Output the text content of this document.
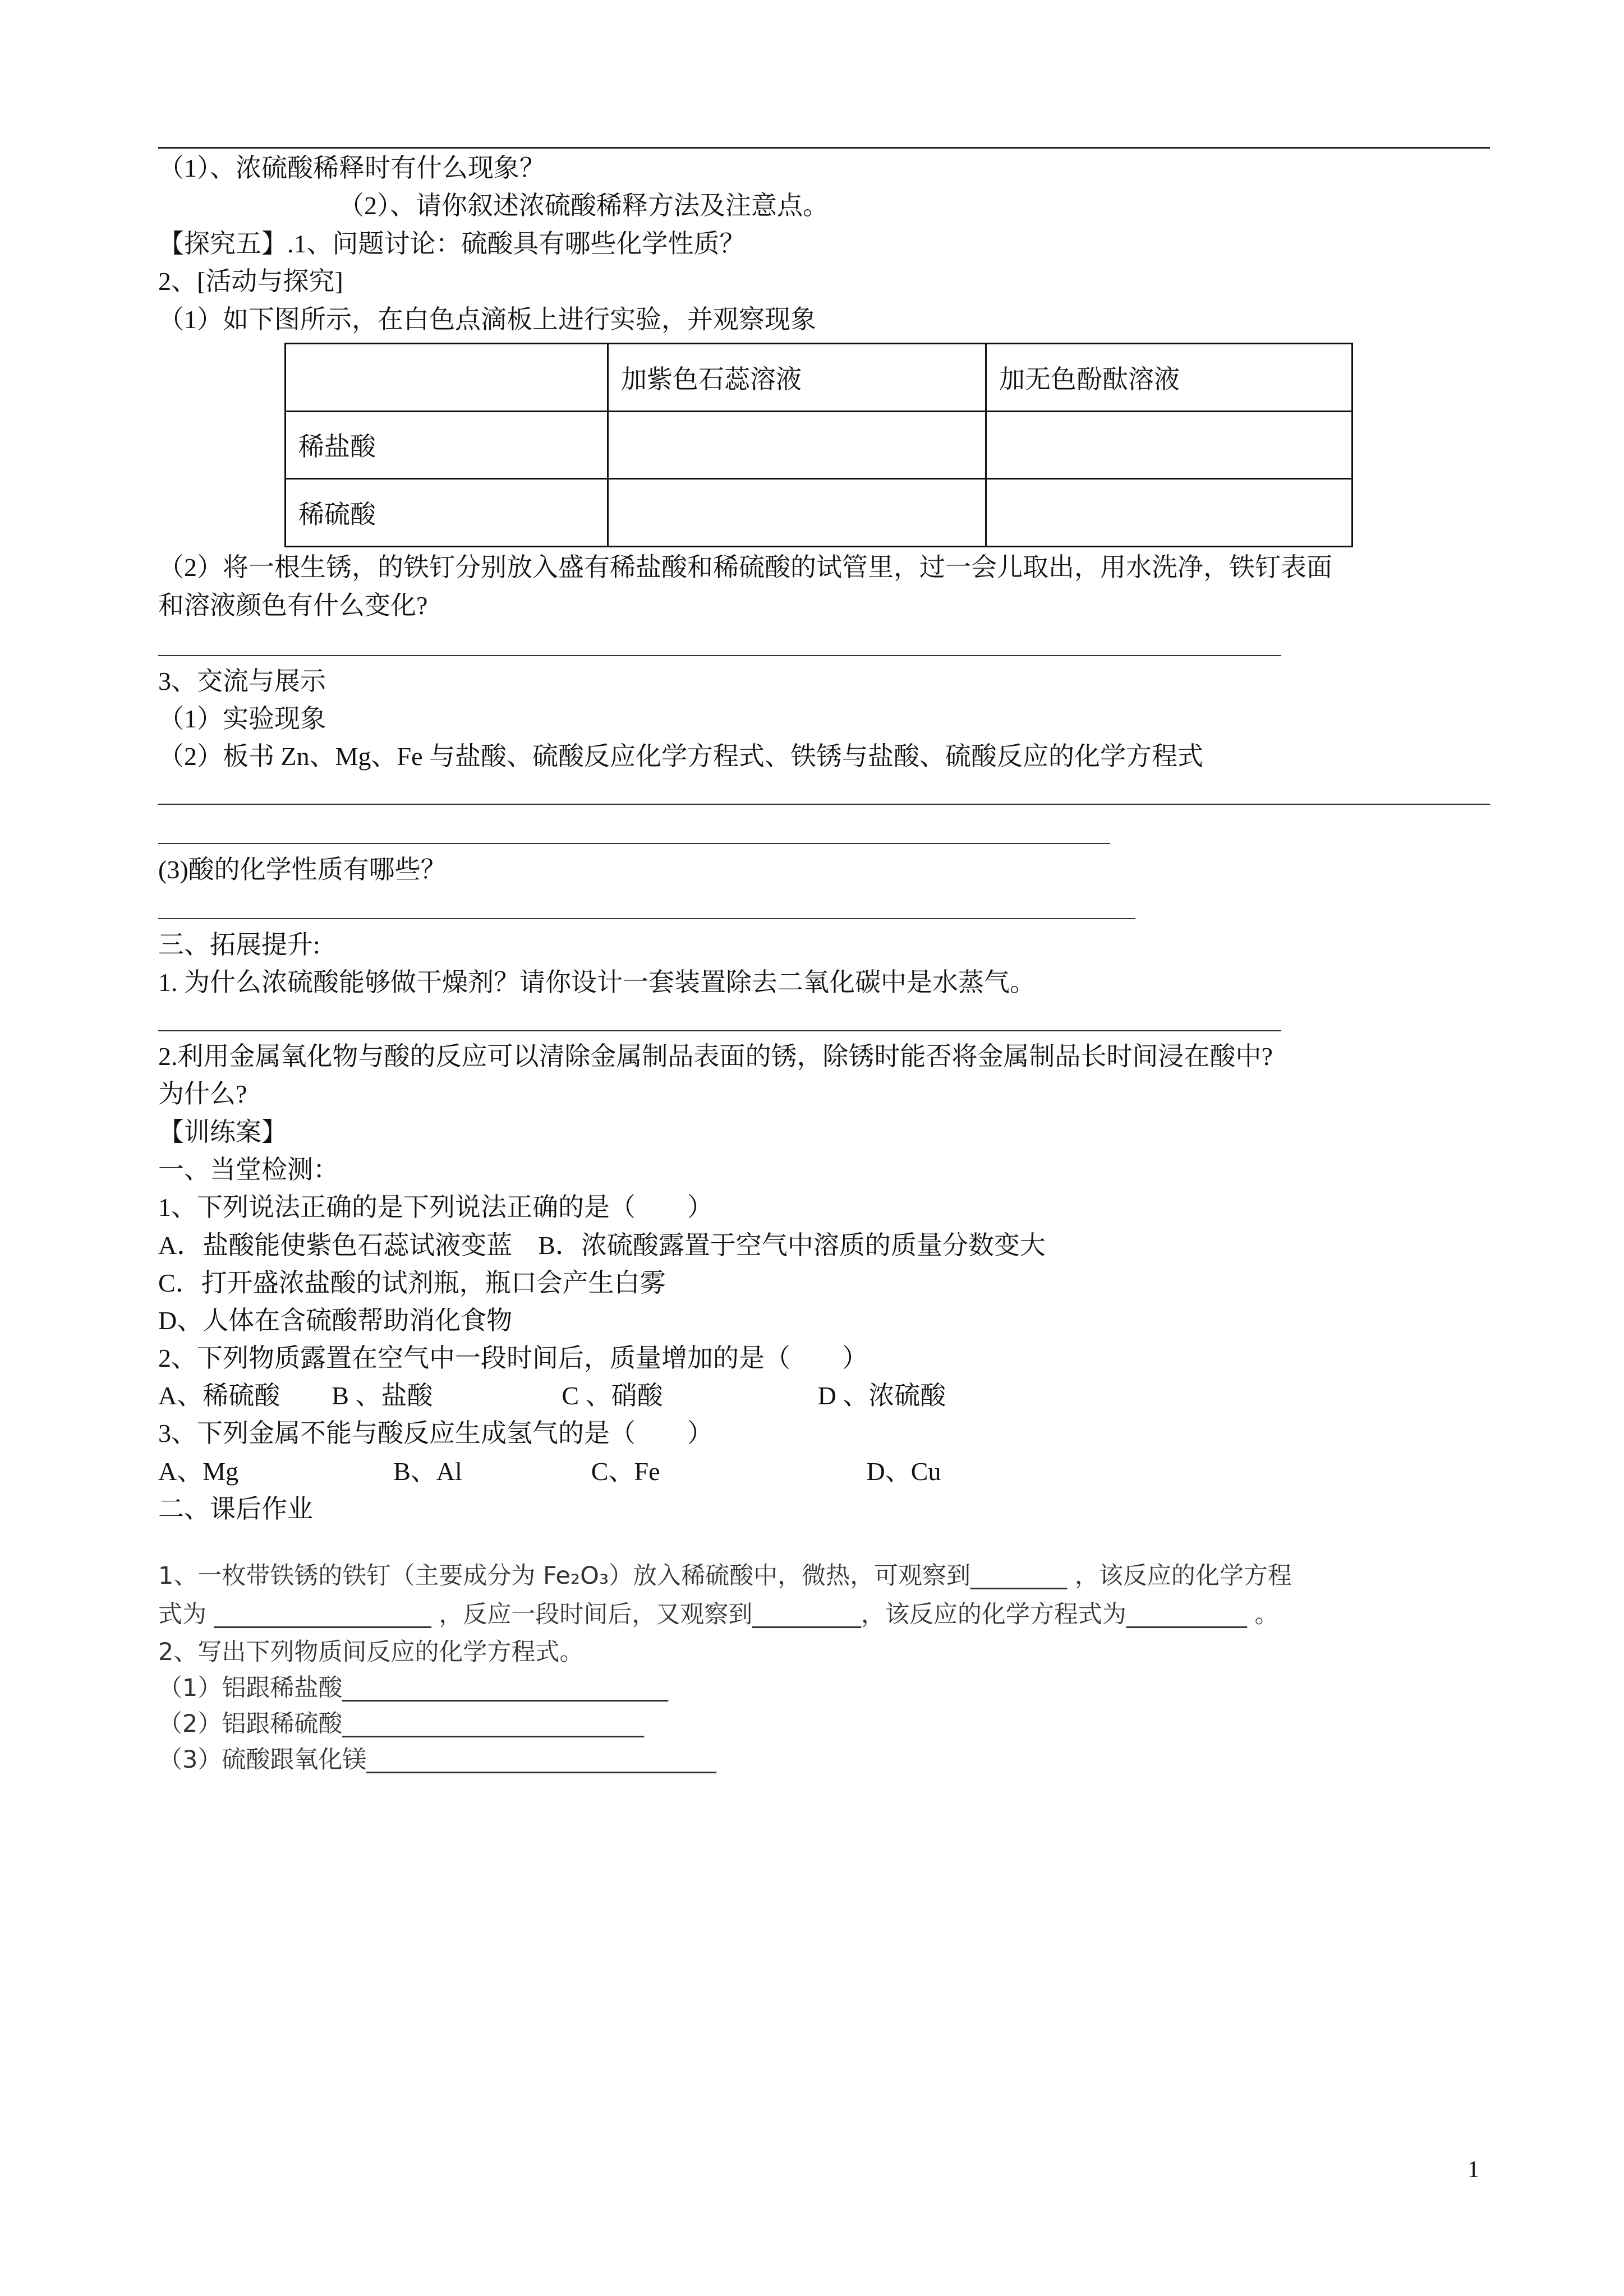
（1）、浓硫酸稀释时有什么现象？
（2）、请你叙述浓硫酸稀释方法及注意点。
【探究五】.1、问题讨论：硫酸具有哪些化学性质？
2、[活动与探究]
（1）如下图所示，在白色点滴板上进行实验，并观察现象
	加紫色石蕊溶液	加无色酚酞溶液
稀盐酸		
稀硫酸		
（2）将一根生锈，的铁钉分别放入盛有稀盐酸和稀硫酸的试管里，过一会儿取出，用水洗净，铁钉表面
和溶液颜色有什么变化?
3、交流与展示
（1）实验现象
（2）板书 Zn、Mg、Fe 与盐酸、硫酸反应化学方程式、铁锈与盐酸、硫酸反应的化学方程式
(3)酸的化学性质有哪些？
三、拓展提升:
1. 为什么浓硫酸能够做干燥剂？请你设计一套装置除去二氧化碳中是水蒸气。
2.利用金属氧化物与酸的反应可以清除金属制品表面的锈，除锈时能否将金属制品长时间浸在酸中?
为什么?
【训练案】
一、当堂检测：
1、下列说法正确的是下列说法正确的是（　　）
A．盐酸能使紫色石蕊试液变蓝　B．浓硫酸露置于空气中溶质的质量分数变大
C．打开盛浓盐酸的试剂瓶，瓶口会产生白雾
D、人体在含硫酸帮助消化食物
2、下列物质露置在空气中一段时间后，质量增加的是（　　）
A、稀硫酸　　B 、盐酸　　　　　C 、硝酸　　　　　　D 、浓硫酸
3、下列金属不能与酸反应生成氢气的是（　　）
A、Mg　　　　　　B、Al　　　　　C、Fe　　　　　　　　D、Cu
二、课后作业
1、一枚带铁锈的铁钉（主要成分为 Fe₂O₃）放入稀硫酸中，微热，可观察到________ ，该反应的化学方程
式为 __________________ ，反应一段时间后，又观察到_________，该反应的化学方程式为__________ 。
2、写出下列物质间反应的化学方程式。
（1）铝跟稀盐酸___________________________
（2）铝跟稀硫酸_________________________
（3）硫酸跟氧化镁_____________________________
1
